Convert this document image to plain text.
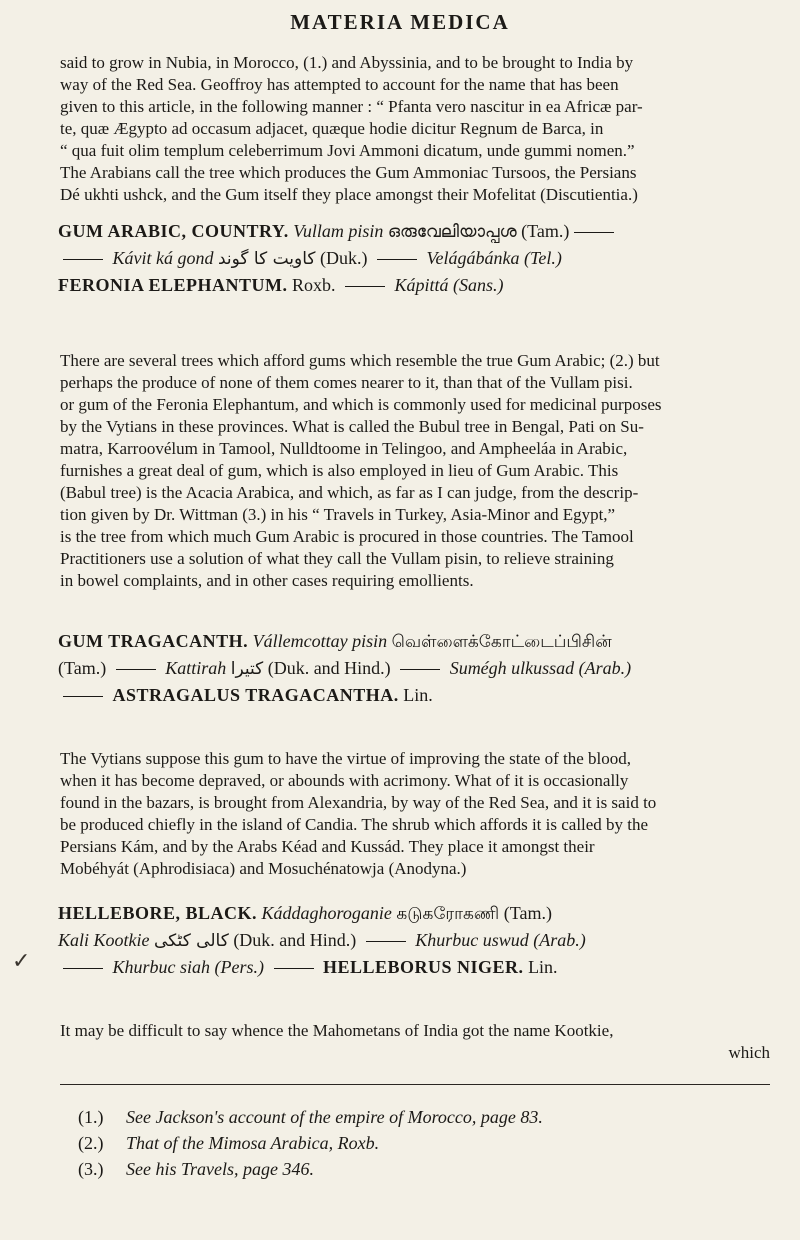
MATERIA MEDICA
said to grow in Nubia, in Morocco, (1.) and Abyssinia, and to be brought to India by
way of the Red Sea. Geoffroy has attempted to account for the name that has been
given to this article, in the following manner : “ Pfanta vero nascitur in ea Africæ par-
te, quæ Ægypto ad occasum adjacet, quæque hodie dicitur Regnum de Barca, in
“ qua fuit olim templum celeberrimum Jovi Ammoni dicatum, unde gummi nomen.”
The Arabians call the tree which produces the Gum Ammoniac Tursoos, the Persians
Dé ukhti ushck, and the Gum itself they place amongst their Mofelitat (Discutientia.)
GUM ARABIC, COUNTRY. Vullam pisin ഒരുവേലിയാപ്പശ (Tam.)
Kávit ká gond کاویت کا گوند (Duk.)	Velágábánka (Tel.)
FERONIA ELEPHANTUM. Roxb.	Kápittá (Sans.)
There are several trees which afford gums which resemble the true Gum Arabic; (2.) but
perhaps the produce of none of them comes nearer to it, than that of the Vullam pisi.
or gum of the Feronia Elephantum, and which is commonly used for medicinal purposes
by the Vytians in these provinces. What is called the Bubul tree in Bengal, Pati on Su-
matra, Karroovélum in Tamool, Nulldtoome in Telingoo, and Ampheeláa in Arabic,
furnishes a great deal of gum, which is also employed in lieu of Gum Arabic. This
(Babul tree) is the Acacia Arabica, and which, as far as I can judge, from the descrip-
tion given by Dr. Wittman (3.) in his “ Travels in Turkey, Asia-Minor and Egypt,”
is the tree from which much Gum Arabic is procured in those countries. The Tamool
Practitioners use a solution of what they call the Vullam pisin, to relieve straining
in bowel complaints, and in other cases requiring emollients.
GUM TRAGACANTH. Vállemcottay pisin வெள்ளைக்கோட்டைப்பிசின்
(Tam.)	Kattirah کتیرا (Duk. and Hind.)	Sumégh ulkussad (Arab.)
ASTRAGALUS TRAGACANTHA. Lin.
The Vytians suppose this gum to have the virtue of improving the state of the blood,
when it has become depraved, or abounds with acrimony. What of it is occasionally
found in the bazars, is brought from Alexandria, by way of the Red Sea, and it is said to
be produced chiefly in the island of Candia. The shrub which affords it is called by the
Persians Kám, and by the Arabs Kéad and Kussád. They place it amongst their
Mobéhyát (Aphrodisiaca) and Mosuchénatowja (Anodyna.)
HELLEBORE, BLACK. Káddaghoroganie கடுகரோகணி (Tam.)
Kali Kootkie کالی کٹکی (Duk. and Hind.)	Khurbuc uswud (Arab.)
Khurbuc siah (Pers.)	HELLEBORUS NIGER. Lin.
It may be difficult to say whence the Mahometans of India got the name Kootkie,
which
(1.)	See Jackson's account of the empire of Morocco, page 83.
(2.)	That of the Mimosa Arabica, Roxb.
(3.)	See his Travels, page 346.
✓
